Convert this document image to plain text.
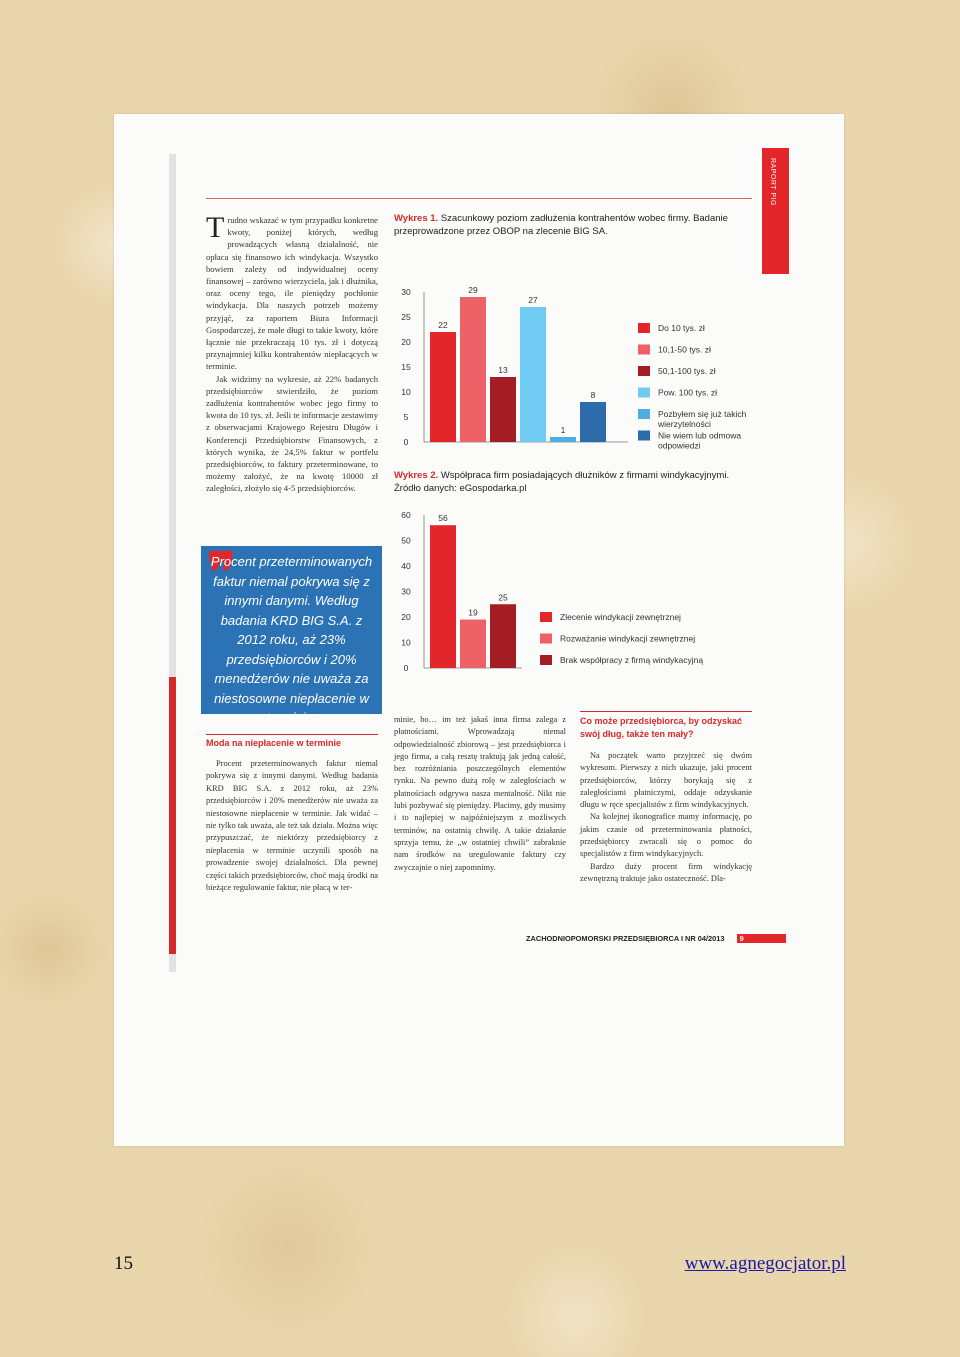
RAPORT PIG

Trudno wskazać w tym przypadku konkretne kwoty, poniżej których, według prowadzących własną działalność, nie opłaca się finansowo ich windykacja. Wszystko bowiem zależy od indywidualnej oceny finansowej – zarówno wierzyciela, jak i dłużnika, oraz oceny tego, ile pieniędzy pochłonie windykacja. Dla naszych potrzeb możemy przyjąć, za raportem Biura Informacji Gospodarczej, że małe długi to takie kwoty, które łącznie nie przekraczają 10 tys. zł i dotyczą przynajmniej kilku kontrahentów niepłacących w terminie.

Jak widzimy na wykresie, aż 22% badanych przedsiębiorców stwierdziło, że poziom zadłużenia kontrahentów wobec jego firmy to kwota do 10 tys. zł. Jeśli te informacje zestawimy z obserwacjami Krajowego Rejestru Długów i Konferencji Przedsiębiorstw Finansowych, z których wynika, że 24,5% faktur w portfelu przedsiębiorców, to faktury przeterminowane, to możemy założyć, że na kwotę 10000 zł zaległości, złożyło się 4-5 przedsiębiorców.

❞
Procent przeterminowanych faktur niemal pokrywa się z innymi danymi. Według badania KRD BIG S.A. z 2012 roku, aż 23% przedsiębiorców i 20% menedżerów nie uważa za niestosowne niepłacenie w terminie.
Moda na niepłacenie w terminie

Procent przeterminowanych faktur niemal pokrywa się z innymi danymi. Według badania KRD BIG S.A. z 2012 roku, aż 23% przedsiębiorców i 20% menedżerów nie uważa za niestosowne niepłacenie w terminie. Jak widać – nie tylko tak uważa, ale też tak działa. Można więc przypuszczać, że niektórzy przedsiębiorcy z niepłacenia w terminie uczynili sposób na prowadzenie swojej działalności. Dla pewnej części takich przedsiębiorców, choć mają środki na bieżące regulowanie faktur, nie płacą w ter-

Wykres 1. Szacunkowy poziom zadłużenia kontrahentów wobec firmy. Badanie przeprowadzone przez OBOP na zlecenie BIG SA.
0
5
10
15
20
25
30
22
29
13
27
1
8
Do 10 tys. zł
10,1-50 tys. zł
50,1-100 tys. zł
Pow. 100 tys. zł
Pozbyłem się już takich wierzytelności
Nie wiem lub odmowa odpowiedzi
Wykres 2. Współpraca firm posiadających dłużników z firmami windykacyjnymi. Źródło danych: eGospodarka.pl
0
10
20
30
40
50
60	56
19
25
Zlecenie windykacji zewnętrznej
Rozważanie windykacji zewnętrznej
Brak współpracy z firmą windykacyjną

minie, bo… im też jakaś inna firma zalega z płatnościami. Wprowadzają niemal odpowiedzialność zbiorową – jest przedsiębiorca i jego firma, a całą resztę traktują jak jedną całość, bez rozróżniania poszczególnych elementów rynku. Na pewno dużą rolę w zaległościach w płatnościach odgrywa nasza mentalność. Nikt nie lubi pozbywać się pieniędzy. Płacimy, gdy musimy i to najlepiej w najpóźniejszym z możliwych terminów, na ostatnią chwilę. A takie działanie sprzyja temu, że „w ostatniej chwili” zabraknie nam środków na uregulowanie faktury czy zwyczajnie o niej zapomnimy.

Co może przedsiębiorca, by odzyskać swój dług, także ten mały?

Na początek warto przyjrzeć się dwóm wykresom. Pierwszy z nich ukazuje, jaki procent przedsiębiorców, którzy borykają się z zaległościami płatniczymi, oddaje odzyskanie długu w ręce specjalistów z firm windykacyjnych.

Na kolejnej ikonografice mamy informację, po jakim czasie od przeterminowania płatności, przedsiębiorcy zwracali się o pomoc do specjalistów z firm windykacyjnych.

Bardzo duży procent firm windykację zewnętrzną traktuje jako ostateczność. Dla-

ZACHODNIOPOMORSKI PRZEDSIĘBIORCA I NR 04/2013 9
15	www.agnegocjator.pl
